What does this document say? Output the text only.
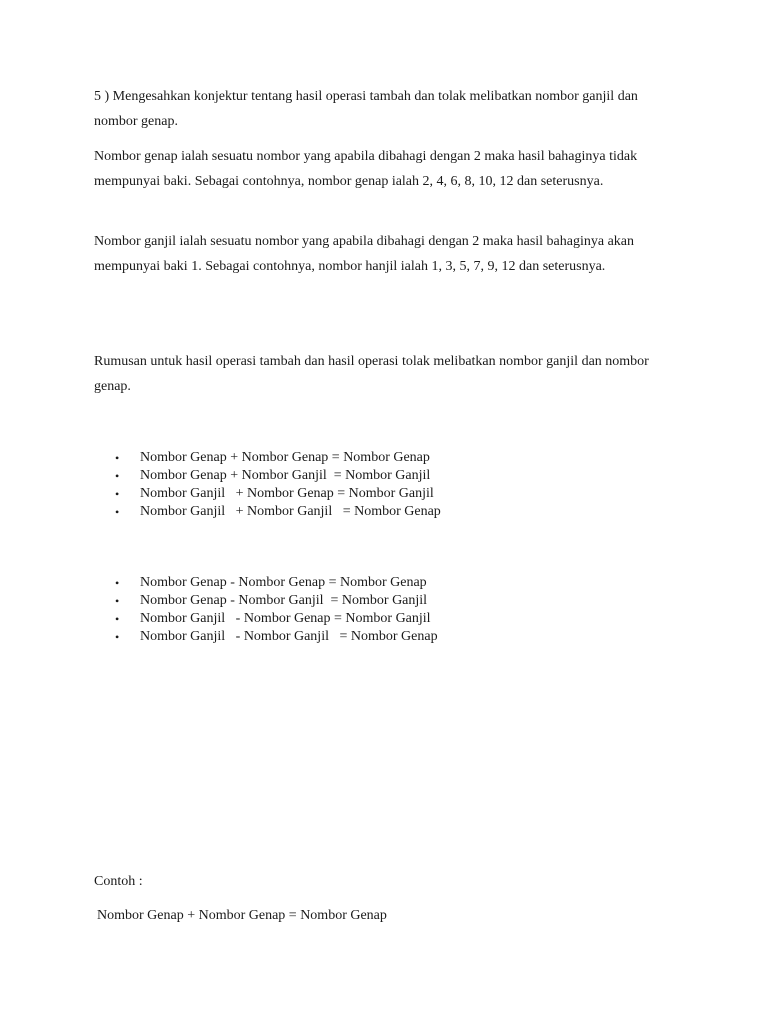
5 ) Mengesahkan konjektur tentang hasil operasi tambah dan tolak melibatkan nombor ganjil dan nombor genap.

Nombor genap ialah sesuatu nombor yang apabila dibahagi dengan 2 maka hasil bahaginya tidak mempunyai baki. Sebagai contohnya, nombor genap ialah 2, 4, 6, 8, 10, 12 dan seterusnya.

Nombor ganjil ialah sesuatu nombor yang apabila dibahagi dengan 2 maka hasil bahaginya akan mempunyai baki 1. Sebagai contohnya, nombor hanjil ialah 1, 3, 5, 7, 9, 12 dan seterusnya.

Rumusan untuk hasil operasi tambah dan hasil operasi tolak melibatkan nombor ganjil dan nombor genap.

• Nombor Genap + Nombor Genap = Nombor Genap
• Nombor Genap + Nombor Ganjil  = Nombor Ganjil
• Nombor Ganjil   + Nombor Genap = Nombor Ganjil
• Nombor Ganjil   + Nombor Ganjil   = Nombor Genap
• Nombor Genap - Nombor Genap = Nombor Genap
• Nombor Genap - Nombor Ganjil  = Nombor Ganjil
• Nombor Ganjil   - Nombor Genap = Nombor Ganjil
• Nombor Ganjil   - Nombor Ganjil   = Nombor Genap
Contoh :
Nombor Genap + Nombor Genap = Nombor Genap
